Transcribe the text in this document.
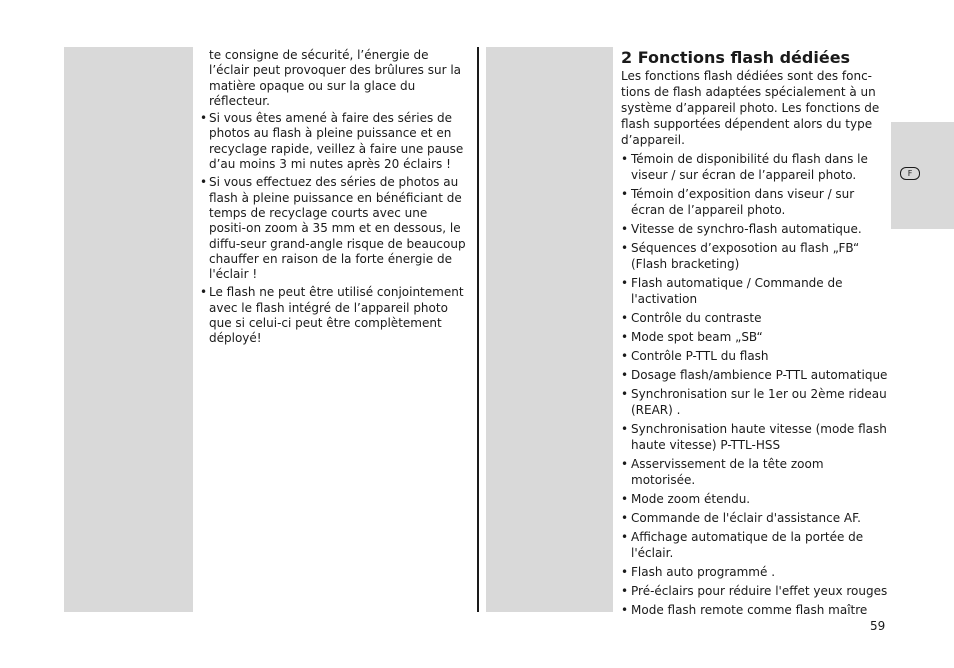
F

te consigne de sécurité, l’énergie de l’éclair peut provoquer des brûlures sur la matière opaque ou sur la glace du réflecteur.

• Si vous êtes amené à faire des séries de photos au flash à pleine puissance et en recyclage rapide, veillez à faire une pause d’au moins 3 mi nutes après 20 éclairs !
• Si vous effectuez des séries de photos au flash à pleine puissance en bénéficiant de temps de recyclage courts avec une positi-on zoom à 35 mm et en dessous, le diffu-seur grand-angle risque de beaucoup chauffer en raison de la forte énergie de l'éclair !
• Le flash ne peut être utilisé conjointement avec le flash intégré de l’appareil photo que si celui-ci peut être complètement déployé!
2 Fonctions flash dédiées

Les fonctions flash dédiées sont des fonc-tions de flash adaptées spécialement à un système d’appareil photo. Les fonctions de flash supportées dépendent alors du type d’appareil.

• Témoin de disponibilité du flash dans le viseur / sur écran de l’appareil photo.
• Témoin d’exposition dans viseur / sur écran de l’appareil photo.
• Vitesse de synchro-flash automatique.
• Séquences d’exposotion au flash „FB“ (Flash bracketing)
• Flash automatique / Commande de l'activation
• Contrôle du contraste
• Mode spot beam „SB“
• Contrôle P-TTL du flash
• Dosage flash/ambience P-TTL automatique
• Synchronisation sur le 1er ou 2ème rideau (REAR) .
• Synchronisation haute vitesse (mode flash haute vitesse) P-TTL-HSS
• Asservissement de la tête zoom motorisée.
• Mode zoom étendu.
• Commande de l'éclair d'assistance AF.
• Affichage automatique de la portée de l'éclair.
• Flash auto programmé .
• Pré-éclairs pour réduire l'effet yeux rouges
• Mode flash remote comme flash maître
59
